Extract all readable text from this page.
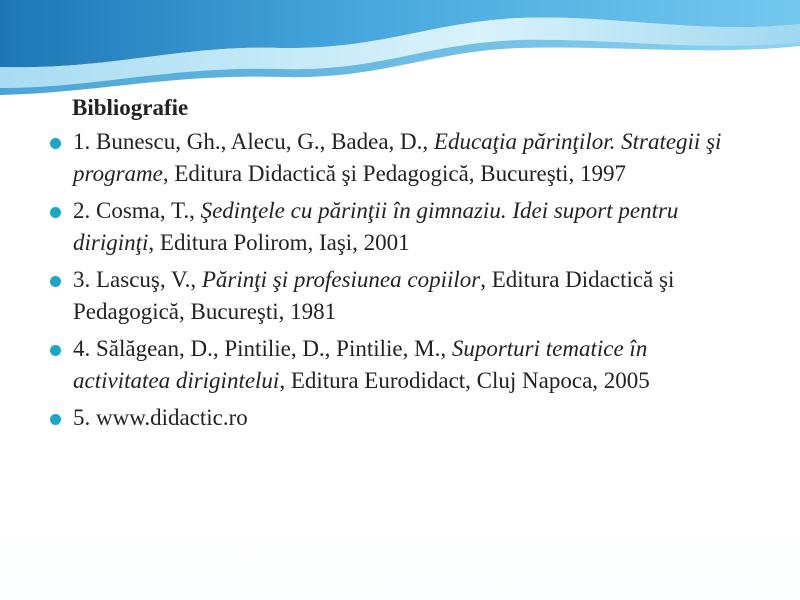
Bibliografie
1. Bunescu, Gh., Alecu, G., Badea, D., Educaţia părinţilor. Strategii şi programe, Editura Didactică şi Pedagogică, Bucureşti, 1997
2. Cosma, T., Şedinţele cu părinţii în gimnaziu. Idei suport pentru diriginţi, Editura Polirom, Iaşi, 2001
3. Lascuş, V., Părinţi şi profesiunea copiilor, Editura Didactică şi Pedagogică, Bucureşti, 1981
4. Sălăgean, D., Pintilie, D., Pintilie, M., Suporturi tematice în activitatea dirigintelui, Editura Eurodidact, Cluj Napoca, 2005
5. www.didactic.ro
